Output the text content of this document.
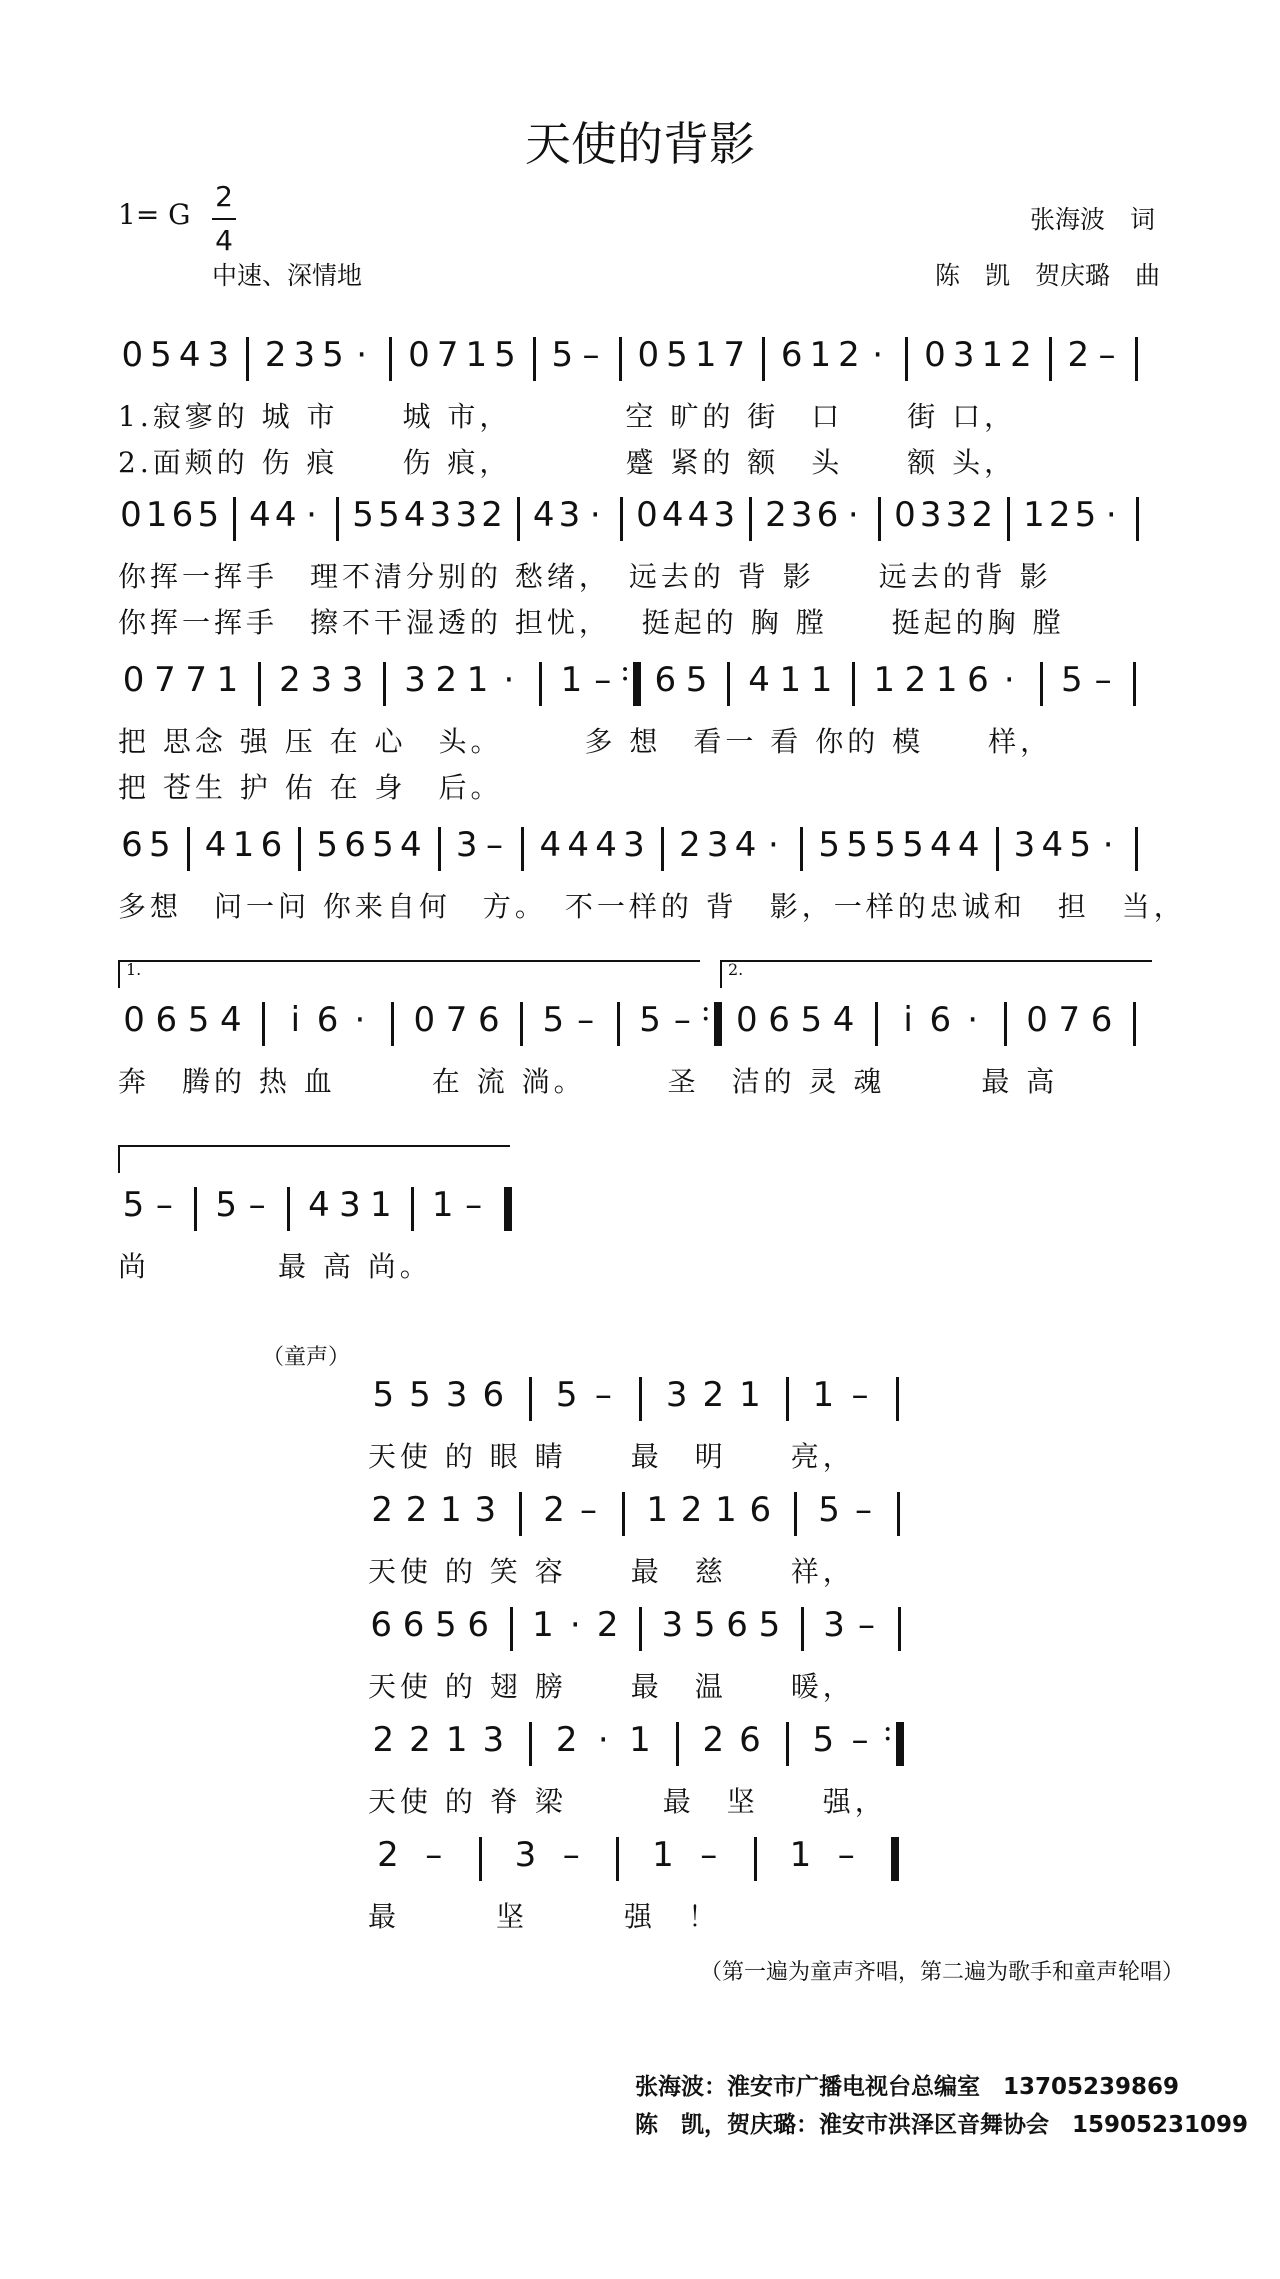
天使的背影
1= G
2
4
中速、深情地
张海波　词
陈　凯　贺庆璐　曲
0 5 4 3 2 3 5 · 0 7 1 5 5 – 0 5 1 7 6 1 2 · 0 3 1 2 2 –
1.寂寥的 城 市　　城 市，　　　　空 旷的 街　口　　街 口，
2.面颊的 伤 痕　　伤 痕，　　　　蹙 紧的 额　头　　额 头，
0 1 6 5 4 4 · 5 5 4 3 3 2 4 3 · 0 4 4 3 2 3 6 · 0 3 3 2 1 2 5 ·
你挥一挥手　理不清分别的 愁绪，　远去的 背 影　　远去的背 影
你挥一挥手　擦不干湿透的 担忧，　 挺起的 胸 膛　　挺起的胸 膛
0 7 7 1 2 3 3 3 2 1 · 1 – : 6 5 4 1 1 1 2 1 6 · 5 –
把 思念 强 压 在 心　头。　　　多 想　看一 看 你的 模　　样，
把 苍生 护 佑 在 身　后。
6 5 4 1 6 5 6 5 4 3 – 4 4 4 3 2 3 4 · 5 5 5 5 4 4 3 4 5 ·
多想　问一问 你来自何　方。　不一样的 背　影，一样的忠诚和　担　当，
0 6 5 4 i 6 · 0 7 6 5 – 5 – : 0 6 5 4 i 6 · 0 7 6
奔　腾的 热 血　　　在 流 淌。　　　圣　洁的 灵 魂　　　最 高
1.	2.
5 – 5 – 4 3 1 1 –
尚　　　　最 高 尚。
（童声）
5 5 3 6 5 – 3 2 1 1 –
天使 的 眼 睛　　最　明　　亮，
2 2 1 3 2 – 1 2 1 6 5 –
天使 的 笑 容　　最　慈　　祥，
6 6 5 6 1 · 2 3 5 6 5 3 –
天使 的 翅 膀　　最　温　　暖，
2 2 1 3 2 · 1 2 6 5 – :
天使 的 脊 梁　　　最　坚　　强，
2 – 3 – 1 – 1 –
最　　　坚　　　强　！
（第一遍为童声齐唱，第二遍为歌手和童声轮唱）
张海波：淮安市广播电视台总编室　13705239869
陈　凯，贺庆璐：淮安市洪泽区音舞协会　15905231099
